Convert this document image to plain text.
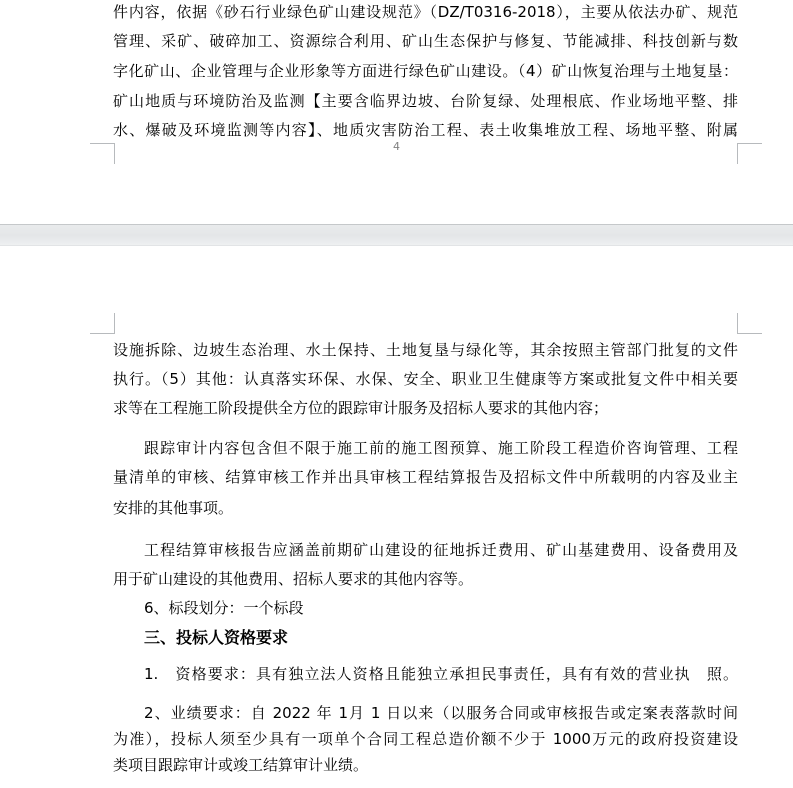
件内容，依据《砂石行业绿色矿山建设规范》（DZ/T0316-2018），主要从依法办矿、规范
管理、采矿、破碎加工、资源综合利用、矿山生态保护与修复、节能减排、科技创新与数
字化矿山、企业管理与企业形象等方面进行绿色矿山建设。（4）矿山恢复治理与土地复垦：
矿山地质与环境防治及监测【主要含临界边坡、台阶复绿、处理根底、作业场地平整、排
水、爆破及环境监测等内容】、地质灾害防治工程、表土收集堆放工程、场地平整、附属
4
设施拆除、边坡生态治理、水土保持、土地复垦与绿化等，其余按照主管部门批复的文件
执行。（5）其他：认真落实环保、水保、安全、职业卫生健康等方案或批复文件中相关要
求等在工程施工阶段提供全方位的跟踪审计服务及招标人要求的其他内容；
跟踪审计内容包含但不限于施工前的施工图预算、施工阶段工程造价咨询管理、工程
量清单的审核、结算审核工作并出具审核工程结算报告及招标文件中所载明的内容及业主
安排的其他事项。
工程结算审核报告应涵盖前期矿山建设的征地拆迁费用、矿山基建费用、设备费用及
用于矿山建设的其他费用、招标人要求的其他内容等。
6、标段划分：一个标段
三、投标人资格要求
1.　资格要求：具有独立法人资格且能独立承担民事责任，具有有效的营业执　照。
2、业绩要求：自 2022 年 1月 1 日以来（以服务合同或审核报告或定案表落款时间
为准），投标人须至少具有一项单个合同工程总造价额不少于 1000万元的政府投资建设
类项目跟踪审计或竣工结算审计业绩。
